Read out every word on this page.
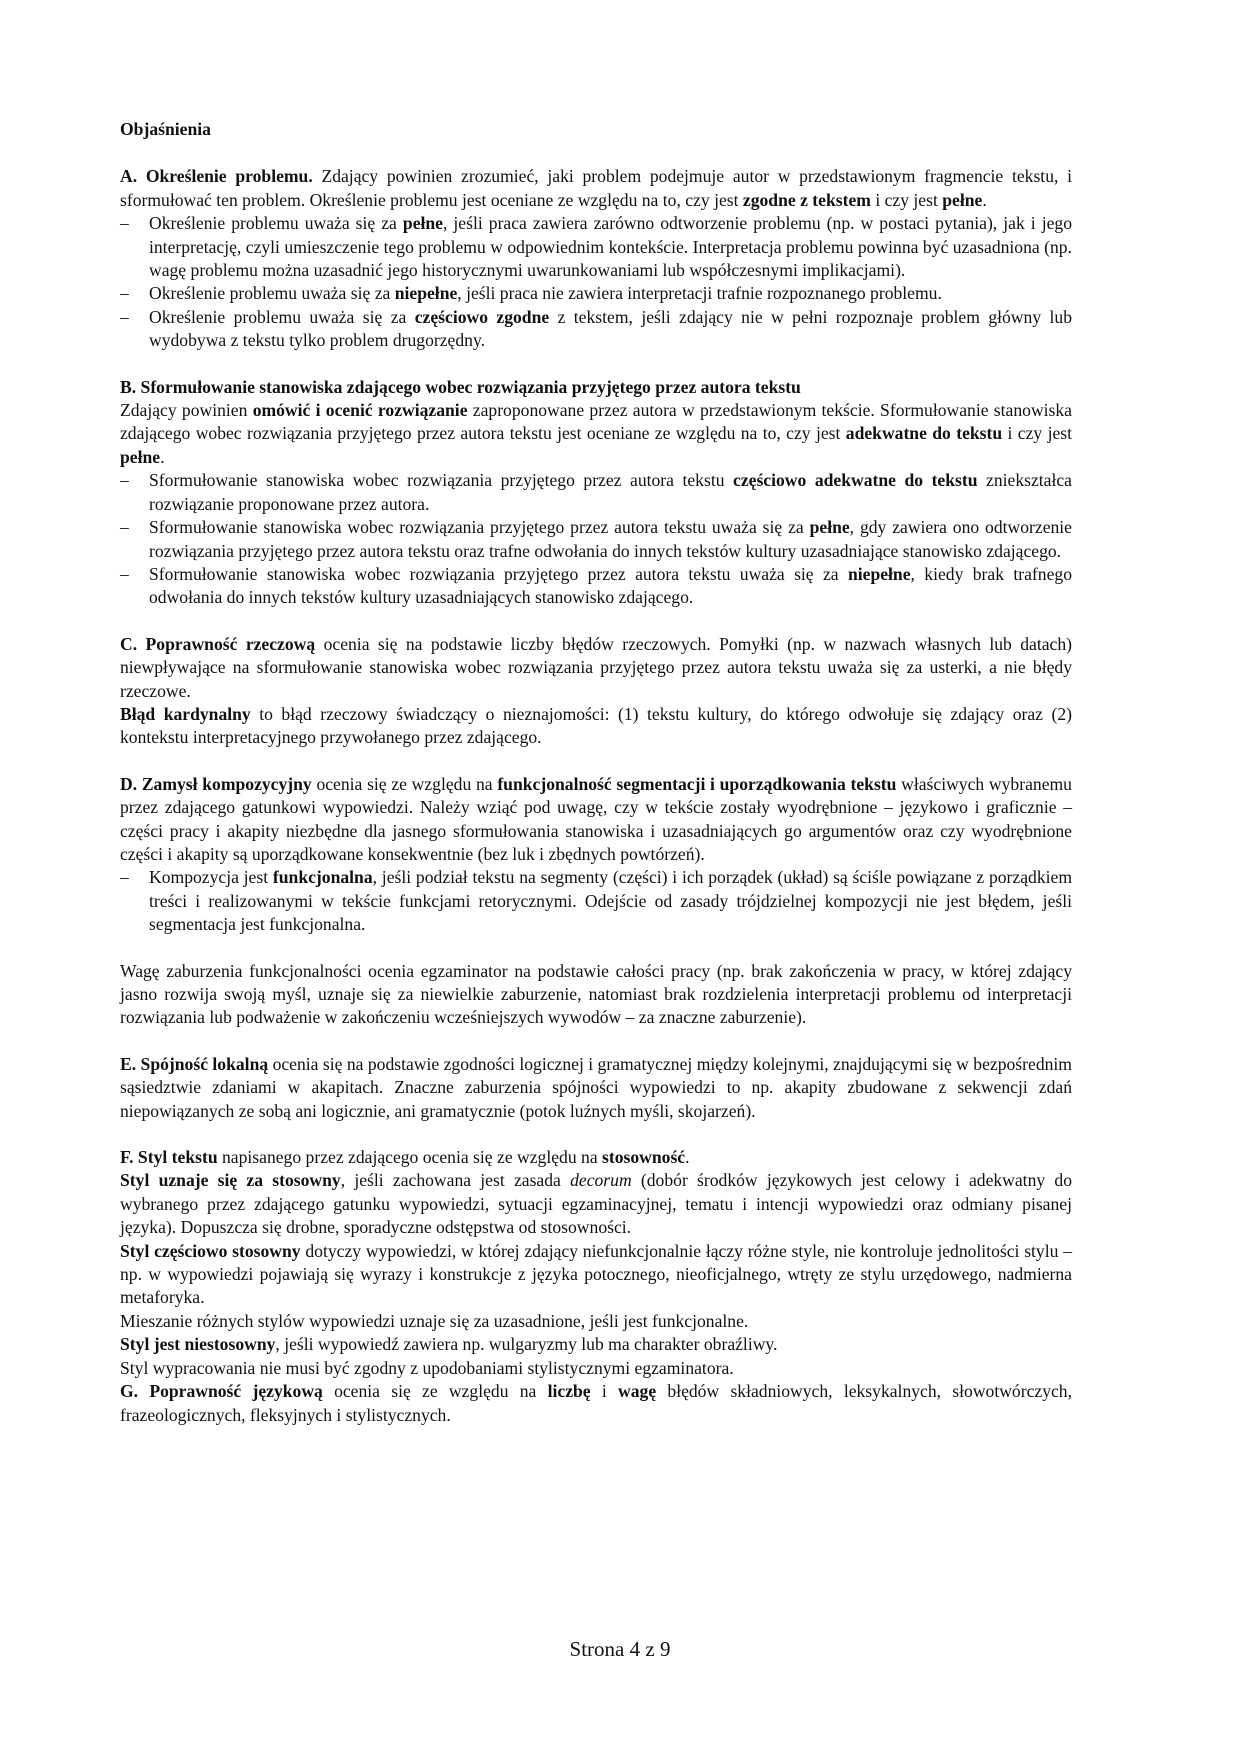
Objaśnienia

A. Określenie problemu. Zdający powinien zrozumieć, jaki problem podejmuje autor w przedstawionym fragmencie tekstu, i sformułować ten problem. Określenie problemu jest oceniane ze względu na to, czy jest zgodne z tekstem i czy jest pełne.

– Określenie problemu uważa się za pełne, jeśli praca zawiera zarówno odtworzenie problemu (np. w postaci pytania), jak i jego interpretację, czyli umieszczenie tego problemu w odpowiednim kontekście. Interpretacja problemu powinna być uzasadniona (np. wagę problemu można uzasadnić jego historycznymi uwarunkowaniami lub współczesnymi implikacjami).
– Określenie problemu uważa się za niepełne, jeśli praca nie zawiera interpretacji trafnie rozpoznanego problemu.
– Określenie problemu uważa się za częściowo zgodne z tekstem, jeśli zdający nie w pełni rozpoznaje problem główny lub wydobywa z tekstu tylko problem drugorzędny.

B. Sformułowanie stanowiska zdającego wobec rozwiązania przyjętego przez autora tekstu

Zdający powinien omówić i ocenić rozwiązanie zaproponowane przez autora w przedstawionym tekście. Sformułowanie stanowiska zdającego wobec rozwiązania przyjętego przez autora tekstu jest oceniane ze względu na to, czy jest adekwatne do tekstu i czy jest pełne.

– Sformułowanie stanowiska wobec rozwiązania przyjętego przez autora tekstu częściowo adekwatne do tekstu zniekształca rozwiązanie proponowane przez autora.
– Sformułowanie stanowiska wobec rozwiązania przyjętego przez autora tekstu uważa się za pełne, gdy zawiera ono odtworzenie rozwiązania przyjętego przez autora tekstu oraz trafne odwołania do innych tekstów kultury uzasadniające stanowisko zdającego.
– Sformułowanie stanowiska wobec rozwiązania przyjętego przez autora tekstu uważa się za niepełne, kiedy brak trafnego odwołania do innych tekstów kultury uzasadniających stanowisko zdającego.

C. Poprawność rzeczową ocenia się na podstawie liczby błędów rzeczowych. Pomyłki (np. w nazwach własnych lub datach) niewpływające na sformułowanie stanowiska wobec rozwiązania przyjętego przez autora tekstu uważa się za usterki, a nie błędy rzeczowe.

Błąd kardynalny to błąd rzeczowy świadczący o nieznajomości: (1) tekstu kultury, do którego odwołuje się zdający oraz (2) kontekstu interpretacyjnego przywołanego przez zdającego.

D. Zamysł kompozycyjny ocenia się ze względu na funkcjonalność segmentacji i uporządkowania tekstu właściwych wybranemu przez zdającego gatunkowi wypowiedzi. Należy wziąć pod uwagę, czy w tekście zostały wyodrębnione – językowo i graficznie – części pracy i akapity niezbędne dla jasnego sformułowania stanowiska i uzasadniających go argumentów oraz czy wyodrębnione części i akapity są uporządkowane konsekwentnie (bez luk i zbędnych powtórzeń).

– Kompozycja jest funkcjonalna, jeśli podział tekstu na segmenty (części) i ich porządek (układ) są ściśle powiązane z porządkiem treści i realizowanymi w tekście funkcjami retorycznymi. Odejście od zasady trójdzielnej kompozycji nie jest błędem, jeśli segmentacja jest funkcjonalna.

Wagę zaburzenia funkcjonalności ocenia egzaminator na podstawie całości pracy (np. brak zakończenia w pracy, w której zdający jasno rozwija swoją myśl, uznaje się za niewielkie zaburzenie, natomiast brak rozdzielenia interpretacji problemu od interpretacji rozwiązania lub podważenie w zakończeniu wcześniejszych wywodów – za znaczne zaburzenie).

E. Spójność lokalną ocenia się na podstawie zgodności logicznej i gramatycznej między kolejnymi, znajdującymi się w bezpośrednim sąsiedztwie zdaniami w akapitach. Znaczne zaburzenia spójności wypowiedzi to np. akapity zbudowane z sekwencji zdań niepowiązanych ze sobą ani logicznie, ani gramatycznie (potok luźnych myśli, skojarzeń).

F. Styl tekstu napisanego przez zdającego ocenia się ze względu na stosowność.

Styl uznaje się za stosowny, jeśli zachowana jest zasada decorum (dobór środków językowych jest celowy i adekwatny do wybranego przez zdającego gatunku wypowiedzi, sytuacji egzaminacyjnej, tematu i intencji wypowiedzi oraz odmiany pisanej języka). Dopuszcza się drobne, sporadyczne odstępstwa od stosowności.

Styl częściowo stosowny dotyczy wypowiedzi, w której zdający niefunkcjonalnie łączy różne style, nie kontroluje jednolitości stylu – np. w wypowiedzi pojawiają się wyrazy i konstrukcje z języka potocznego, nieoficjalnego, wtręty ze stylu urzędowego, nadmierna metaforyka.

Mieszanie różnych stylów wypowiedzi uznaje się za uzasadnione, jeśli jest funkcjonalne.

Styl jest niestosowny, jeśli wypowiedź zawiera np. wulgaryzmy lub ma charakter obraźliwy.

Styl wypracowania nie musi być zgodny z upodobaniami stylistycznymi egzaminatora.

G. Poprawność językową ocenia się ze względu na liczbę i wagę błędów składniowych, leksykalnych, słowotwórczych, frazeologicznych, fleksyjnych i stylistycznych.

Strona 4 z 9
